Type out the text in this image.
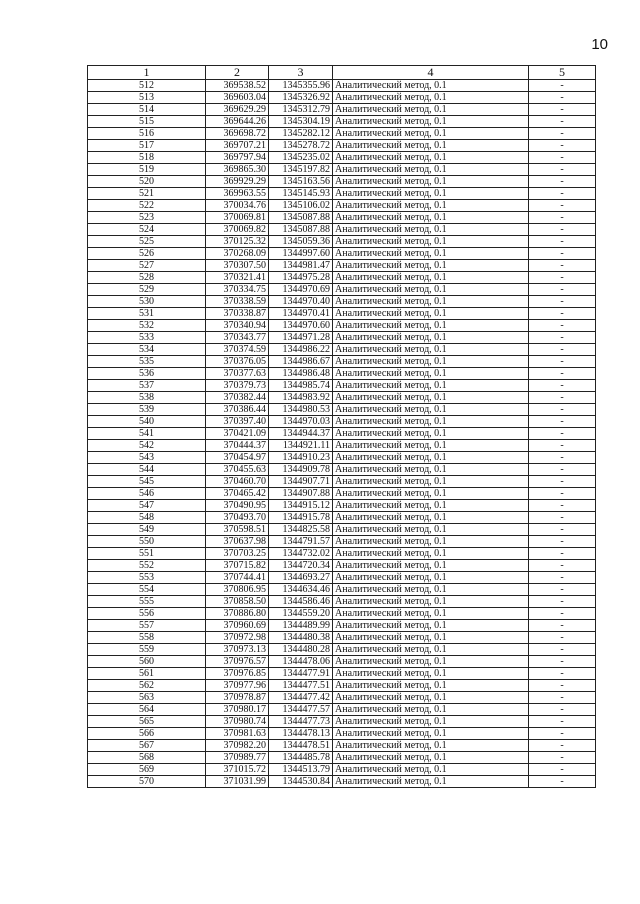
10
1	2	3	4	5
512	369538.52	1345355.96	Аналитический метод, 0.1	-
513	369603.04	1345326.92	Аналитический метод, 0.1	-
514	369629.29	1345312.79	Аналитический метод, 0.1	-
515	369644.26	1345304.19	Аналитический метод, 0.1	-
516	369698.72	1345282.12	Аналитический метод, 0.1	-
517	369707.21	1345278.72	Аналитический метод, 0.1	-
518	369797.94	1345235.02	Аналитический метод, 0.1	-
519	369865.30	1345197.82	Аналитический метод, 0.1	-
520	369929.29	1345163.56	Аналитический метод, 0.1	-
521	369963.55	1345145.93	Аналитический метод, 0.1	-
522	370034.76	1345106.02	Аналитический метод, 0.1	-
523	370069.81	1345087.88	Аналитический метод, 0.1	-
524	370069.82	1345087.88	Аналитический метод, 0.1	-
525	370125.32	1345059.36	Аналитический метод, 0.1	-
526	370268.09	1344997.60	Аналитический метод, 0.1	-
527	370307.50	1344981.47	Аналитический метод, 0.1	-
528	370321.41	1344975.28	Аналитический метод, 0.1	-
529	370334.75	1344970.69	Аналитический метод, 0.1	-
530	370338.59	1344970.40	Аналитический метод, 0.1	-
531	370338.87	1344970.41	Аналитический метод, 0.1	-
532	370340.94	1344970.60	Аналитический метод, 0.1	-
533	370343.77	1344971.28	Аналитический метод, 0.1	-
534	370374.59	1344986.22	Аналитический метод, 0.1	-
535	370376.05	1344986.67	Аналитический метод, 0.1	-
536	370377.63	1344986.48	Аналитический метод, 0.1	-
537	370379.73	1344985.74	Аналитический метод, 0.1	-
538	370382.44	1344983.92	Аналитический метод, 0.1	-
539	370386.44	1344980.53	Аналитический метод, 0.1	-
540	370397.40	1344970.03	Аналитический метод, 0.1	-
541	370421.09	1344944.37	Аналитический метод, 0.1	-
542	370444.37	1344921.11	Аналитический метод, 0.1	-
543	370454.97	1344910.23	Аналитический метод, 0.1	-
544	370455.63	1344909.78	Аналитический метод, 0.1	-
545	370460.70	1344907.71	Аналитический метод, 0.1	-
546	370465.42	1344907.88	Аналитический метод, 0.1	-
547	370490.95	1344915.12	Аналитический метод, 0.1	-
548	370493.70	1344915.78	Аналитический метод, 0.1	-
549	370598.51	1344825.58	Аналитический метод, 0.1	-
550	370637.98	1344791.57	Аналитический метод, 0.1	-
551	370703.25	1344732.02	Аналитический метод, 0.1	-
552	370715.82	1344720.34	Аналитический метод, 0.1	-
553	370744.41	1344693.27	Аналитический метод, 0.1	-
554	370806.95	1344634.46	Аналитический метод, 0.1	-
555	370858.50	1344586.46	Аналитический метод, 0.1	-
556	370886.80	1344559.20	Аналитический метод, 0.1	-
557	370960.69	1344489.99	Аналитический метод, 0.1	-
558	370972.98	1344480.38	Аналитический метод, 0.1	-
559	370973.13	1344480.28	Аналитический метод, 0.1	-
560	370976.57	1344478.06	Аналитический метод, 0.1	-
561	370976.85	1344477.91	Аналитический метод, 0.1	-
562	370977.96	1344477.51	Аналитический метод, 0.1	-
563	370978.87	1344477.42	Аналитический метод, 0.1	-
564	370980.17	1344477.57	Аналитический метод, 0.1	-
565	370980.74	1344477.73	Аналитический метод, 0.1	-
566	370981.63	1344478.13	Аналитический метод, 0.1	-
567	370982.20	1344478.51	Аналитический метод, 0.1	-
568	370989.77	1344485.78	Аналитический метод, 0.1	-
569	371015.72	1344513.79	Аналитический метод, 0.1	-
570	371031.99	1344530.84	Аналитический метод, 0.1	-
